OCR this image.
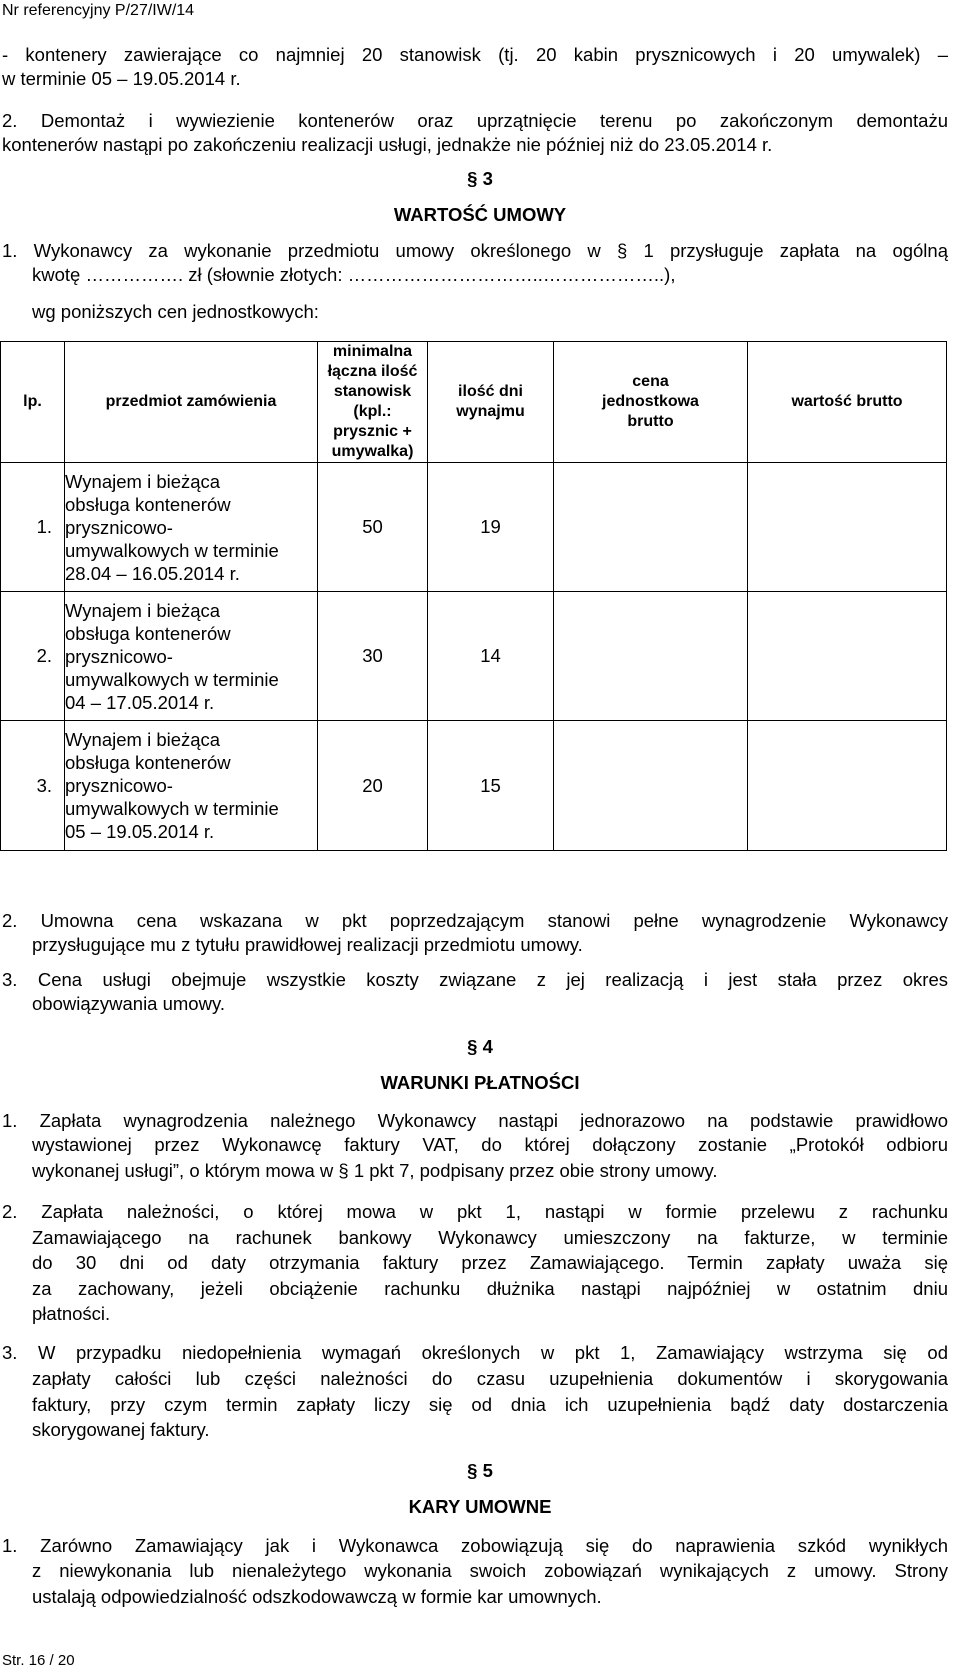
Nr referencyjny P/27/IW/14
- kontenery zawierające co najmniej 20 stanowisk (tj. 20 kabin prysznicowych i 20 umywalek) –
w terminie 05 – 19.05.2014 r.
2. Demontaż i wywiezienie kontenerów oraz uprzątnięcie terenu po zakończonym demontażu
kontenerów nastąpi po zakończeniu realizacji usługi, jednakże nie później niż do 23.05.2014 r.
§ 3
WARTOŚĆ UMOWY
1. Wykonawcy za wykonanie przedmiotu umowy określonego w § 1 przysługuje zapłata na ogólną
kwotę ……………. zł (słownie złotych: …………………………..………………..),
wg poniższych cen jednostkowych:
lp.	przedmiot zamówienia	minimalna łączna ilość stanowisk (kpl.: prysznic + umywalka)	ilość dni wynajmu	cena jednostkowa brutto	wartość brutto
1.	Wynajem i bieżąca
obsługa kontenerów
prysznicowo-
umywalkowych w terminie
28.04 – 16.05.2014 r.	50	19		
2.	Wynajem i bieżąca
obsługa kontenerów
prysznicowo-
umywalkowych w terminie
04 – 17.05.2014 r.	30	14		
3.	Wynajem i bieżąca
obsługa kontenerów
prysznicowo-
umywalkowych w terminie
05 – 19.05.2014 r.	20	15		
2. Umowna cena wskazana w pkt poprzedzającym stanowi pełne wynagrodzenie Wykonawcy
przysługujące mu z tytułu prawidłowej realizacji przedmiotu umowy.
3. Cena usługi obejmuje wszystkie koszty związane z jej realizacją i jest stała przez okres
obowiązywania umowy.
§ 4
WARUNKI PŁATNOŚCI
1. Zapłata wynagrodzenia należnego Wykonawcy nastąpi jednorazowo na podstawie prawidłowo
wystawionej przez Wykonawcę faktury VAT, do której dołączony zostanie „Protokół odbioru
wykonanej usługi”, o którym mowa w § 1 pkt 7, podpisany przez obie strony umowy.
2. Zapłata należności, o której mowa w pkt 1, nastąpi w formie przelewu z rachunku
Zamawiającego na rachunek bankowy Wykonawcy umieszczony na fakturze, w terminie
do 30 dni od daty otrzymania faktury przez Zamawiającego. Termin zapłaty uważa się
za zachowany, jeżeli obciążenie rachunku dłużnika nastąpi najpóźniej w ostatnim dniu
płatności.
3. W przypadku niedopełnienia wymagań określonych w pkt 1, Zamawiający wstrzyma się od
zapłaty całości lub części należności do czasu uzupełnienia dokumentów i skorygowania
faktury, przy czym termin zapłaty liczy się od dnia ich uzupełnienia bądź daty dostarczenia
skorygowanej faktury.
§ 5
KARY UMOWNE
1. Zarówno Zamawiający jak i Wykonawca zobowiązują się do naprawienia szkód wynikłych
z niewykonania lub nienależytego wykonania swoich zobowiązań wynikających z umowy. Strony
ustalają odpowiedzialność odszkodowawczą w formie kar umownych.
Str. 16 / 20
